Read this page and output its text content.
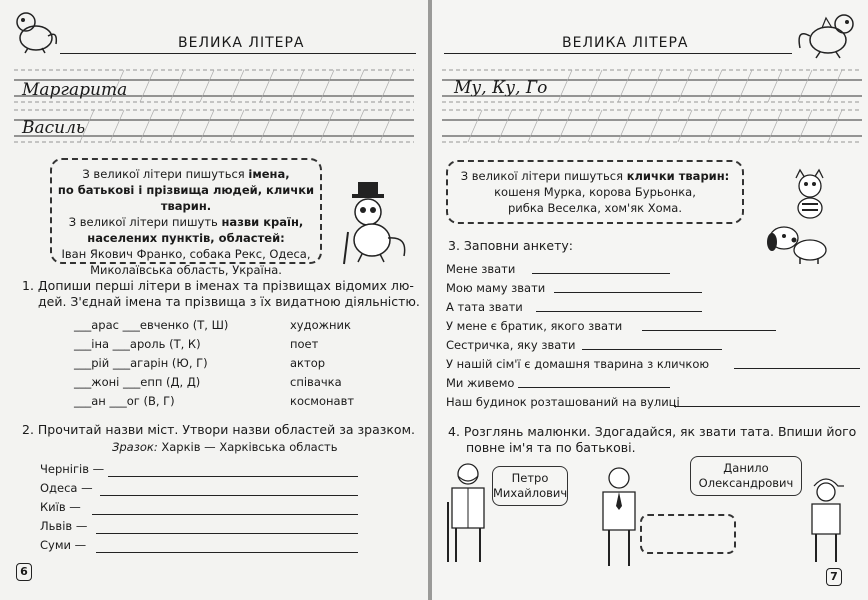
ВЕЛИКА ЛІТЕРА
Маргарита
Василь
З великої літери пишуться імена,
по батькові і прізвища людей, клички тварин.
З великої літери пишуть назви країн,
населених пунктів, областей:
Іван Якович Франко, собака Рекс, Одеса,
Миколаївська область, Україна.
1. Допиши перші літери в іменах та прізвищах відомих лю-
дей. З'єднай імена та прізвища з їх видатною діяльністю.
___арас ___евченко (Т, Ш)
___іна ___ароль (Т, К)
___рій ___агарін (Ю, Г)
___жоні ___епп (Д, Д)
___ан ___ог (В, Г)
художник
поет
актор
співачка
космонавт
2. Прочитай назви міст. Утвори назви областей за зразком.
Зразок: Харків — Харківська область
Чернігів —
Одеса —
Київ —
Львів —
Суми —
6
ВЕЛИКА ЛІТЕРА
Му, Ку, Го
З великої літери пишуться клички тварин:
кошеня Мурка, корова Бурьонка,
рибка Веселка, хом'як Хома.
3. Заповни анкету:
Мене звати
Мою маму звати
А тата звати
У мене є братик, якого звати
Сестричка, яку звати
У нашій сім'ї є домашня тварина з кличкою
Ми живемо
Наш будинок розташований на вулиці
4. Розглянь малюнки. Здогадайся, як звати тата. Впиши його
повне ім'я та по батькові.
Петро
Михайлович
Данило
Олександрович
7
